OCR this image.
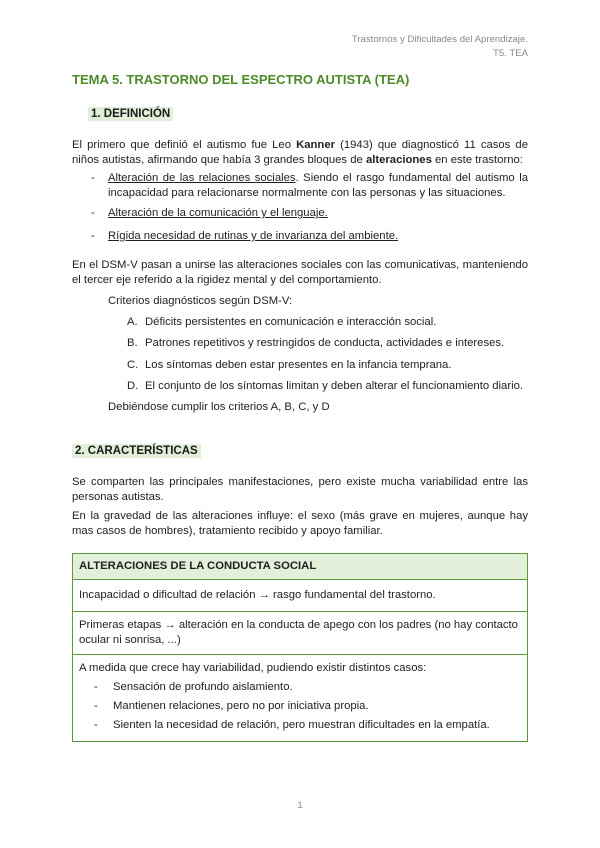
Trastornos y Dificultades del Aprendizaje.
T5. TEA
TEMA 5. TRASTORNO DEL ESPECTRO AUTISTA (TEA)
1. DEFINICIÓN
El primero que definió el autismo fue Leo Kanner (1943) que diagnosticó 11 casos de niños autistas, afirmando que había 3 grandes bloques de alteraciones en este trastorno:
- Alteración de las relaciones sociales. Siendo el rasgo fundamental del autismo la incapacidad para relacionarse normalmente con las personas y las situaciones.
- Alteración de la comunicación y el lenguaje.
- Rígida necesidad de rutinas y de invarianza del ambiente.
En el DSM-V pasan a unirse las alteraciones sociales con las comunicativas, manteniendo el tercer eje referido a la rigidez mental y del comportamiento.
Criterios diagnósticos según DSM-V:
A. Déficits persistentes en comunicación e interacción social.
B. Patrones repetitivos y restringidos de conducta, actividades e intereses.
C. Los síntomas deben estar presentes en la infancia temprana.
D. El conjunto de los síntomas limitan y deben alterar el funcionamiento diario.
Debiéndose cumplir los criterios A, B, C, y D
2. CARACTERÍSTICAS
Se comparten las principales manifestaciones, pero existe mucha variabilidad entre las personas autistas.
En la gravedad de las alteraciones influye: el sexo (más grave en mujeres, aunque hay mas casos de hombres), tratamiento recibido y apoyo familiar.
ALTERACIONES DE LA CONDUCTA SOCIAL
Incapacidad o dificultad de relación → rasgo fundamental del trastorno.
Primeras etapas → alteración en la conducta de apego con los padres (no hay contacto ocular ni sonrisa, ...)

A medida que crece hay variabilidad, pudiendo existir distintos casos:
- Sensación de profundo aislamiento.
- Mantienen relaciones, pero no por iniciativa propia.
- Sienten la necesidad de relación, pero muestran dificultades en la empatía.
1
